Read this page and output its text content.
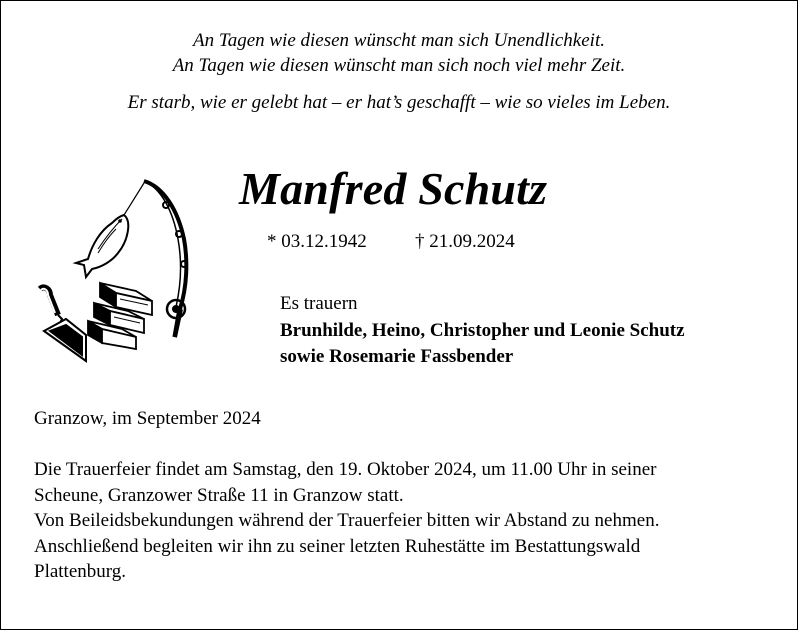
An Tagen wie diesen wünscht man sich Unendlichkeit.
An Tagen wie diesen wünscht man sich noch viel mehr Zeit.
Er starb, wie er gelebt hat – er hat’s geschafft – wie so vieles im Leben.
Manfred Schutz
* 03.12.1942	† 21.09.2024
Es trauern
Brunhilde, Heino, Christopher und Leonie Schutz
sowie Rosemarie Fassbender
Granzow, im September 2024
Die Trauerfeier findet am Samstag, den 19. Oktober 2024, um 11.00 Uhr in seiner
Scheune, Granzower Straße 11 in Granzow statt.
Von Beileidsbekundungen während der Trauerfeier bitten wir Abstand zu nehmen.
Anschließend begleiten wir ihn zu seiner letzten Ruhestätte im Bestattungswald
Plattenburg.
